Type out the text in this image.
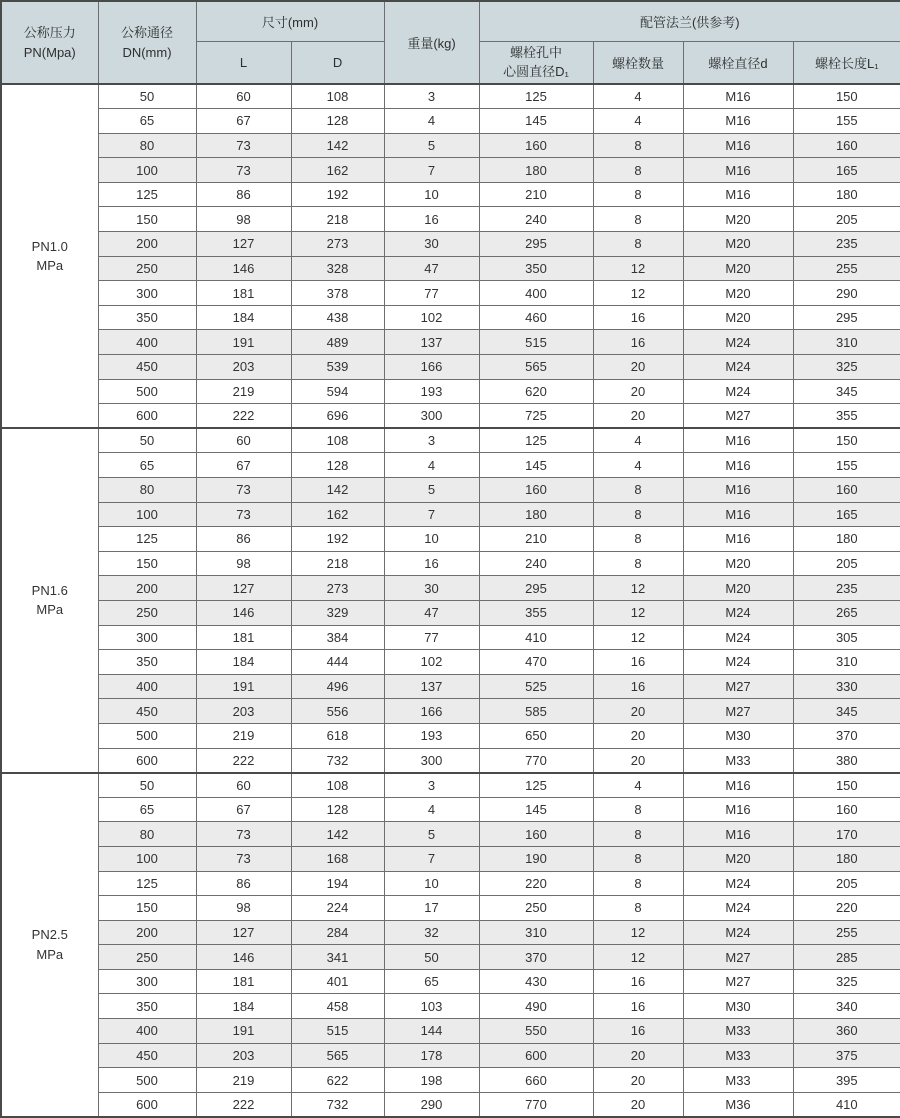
公称压力
PN(Mpa)	公称通径
DN(mm)	尺寸(mm)		重量(kg)	配管法兰(供参考)			
		L	D		螺栓孔中
心圆直径D₁	螺栓数量	螺栓直径d	螺栓长度L₁

PN1.0
MPa	50	60	108	3	125	4	M16	150
	65	67	128	4	145	4	M16	155
	80	73	142	5	160	8	M16	160
	100	73	162	7	180	8	M16	165
	125	86	192	10	210	8	M16	180
	150	98	218	16	240	8	M20	205
	200	127	273	30	295	8	M20	235
	250	146	328	47	350	12	M20	255
	300	181	378	77	400	12	M20	290
	350	184	438	102	460	16	M20	295
	400	191	489	137	515	16	M24	310
	450	203	539	166	565	20	M24	325
	500	219	594	193	620	20	M24	345
	600	222	696	300	725	20	M27	355

PN1.6
MPa	50	60	108	3	125	4	M16	150
	65	67	128	4	145	4	M16	155
	80	73	142	5	160	8	M16	160
	100	73	162	7	180	8	M16	165
	125	86	192	10	210	8	M16	180
	150	98	218	16	240	8	M20	205
	200	127	273	30	295	12	M20	235
	250	146	329	47	355	12	M24	265
	300	181	384	77	410	12	M24	305
	350	184	444	102	470	16	M24	310
	400	191	496	137	525	16	M27	330
	450	203	556	166	585	20	M27	345
	500	219	618	193	650	20	M30	370
	600	222	732	300	770	20	M33	380

PN2.5
MPa	50	60	108	3	125	4	M16	150
	65	67	128	4	145	8	M16	160
	80	73	142	5	160	8	M16	170
	100	73	168	7	190	8	M20	180
	125	86	194	10	220	8	M24	205
	150	98	224	17	250	8	M24	220
	200	127	284	32	310	12	M24	255
	250	146	341	50	370	12	M27	285
	300	181	401	65	430	16	M27	325
	350	184	458	103	490	16	M30	340
	400	191	515	144	550	16	M33	360
	450	203	565	178	600	20	M33	375
	500	219	622	198	660	20	M33	395
	600	222	732	290	770	20	M36	410
